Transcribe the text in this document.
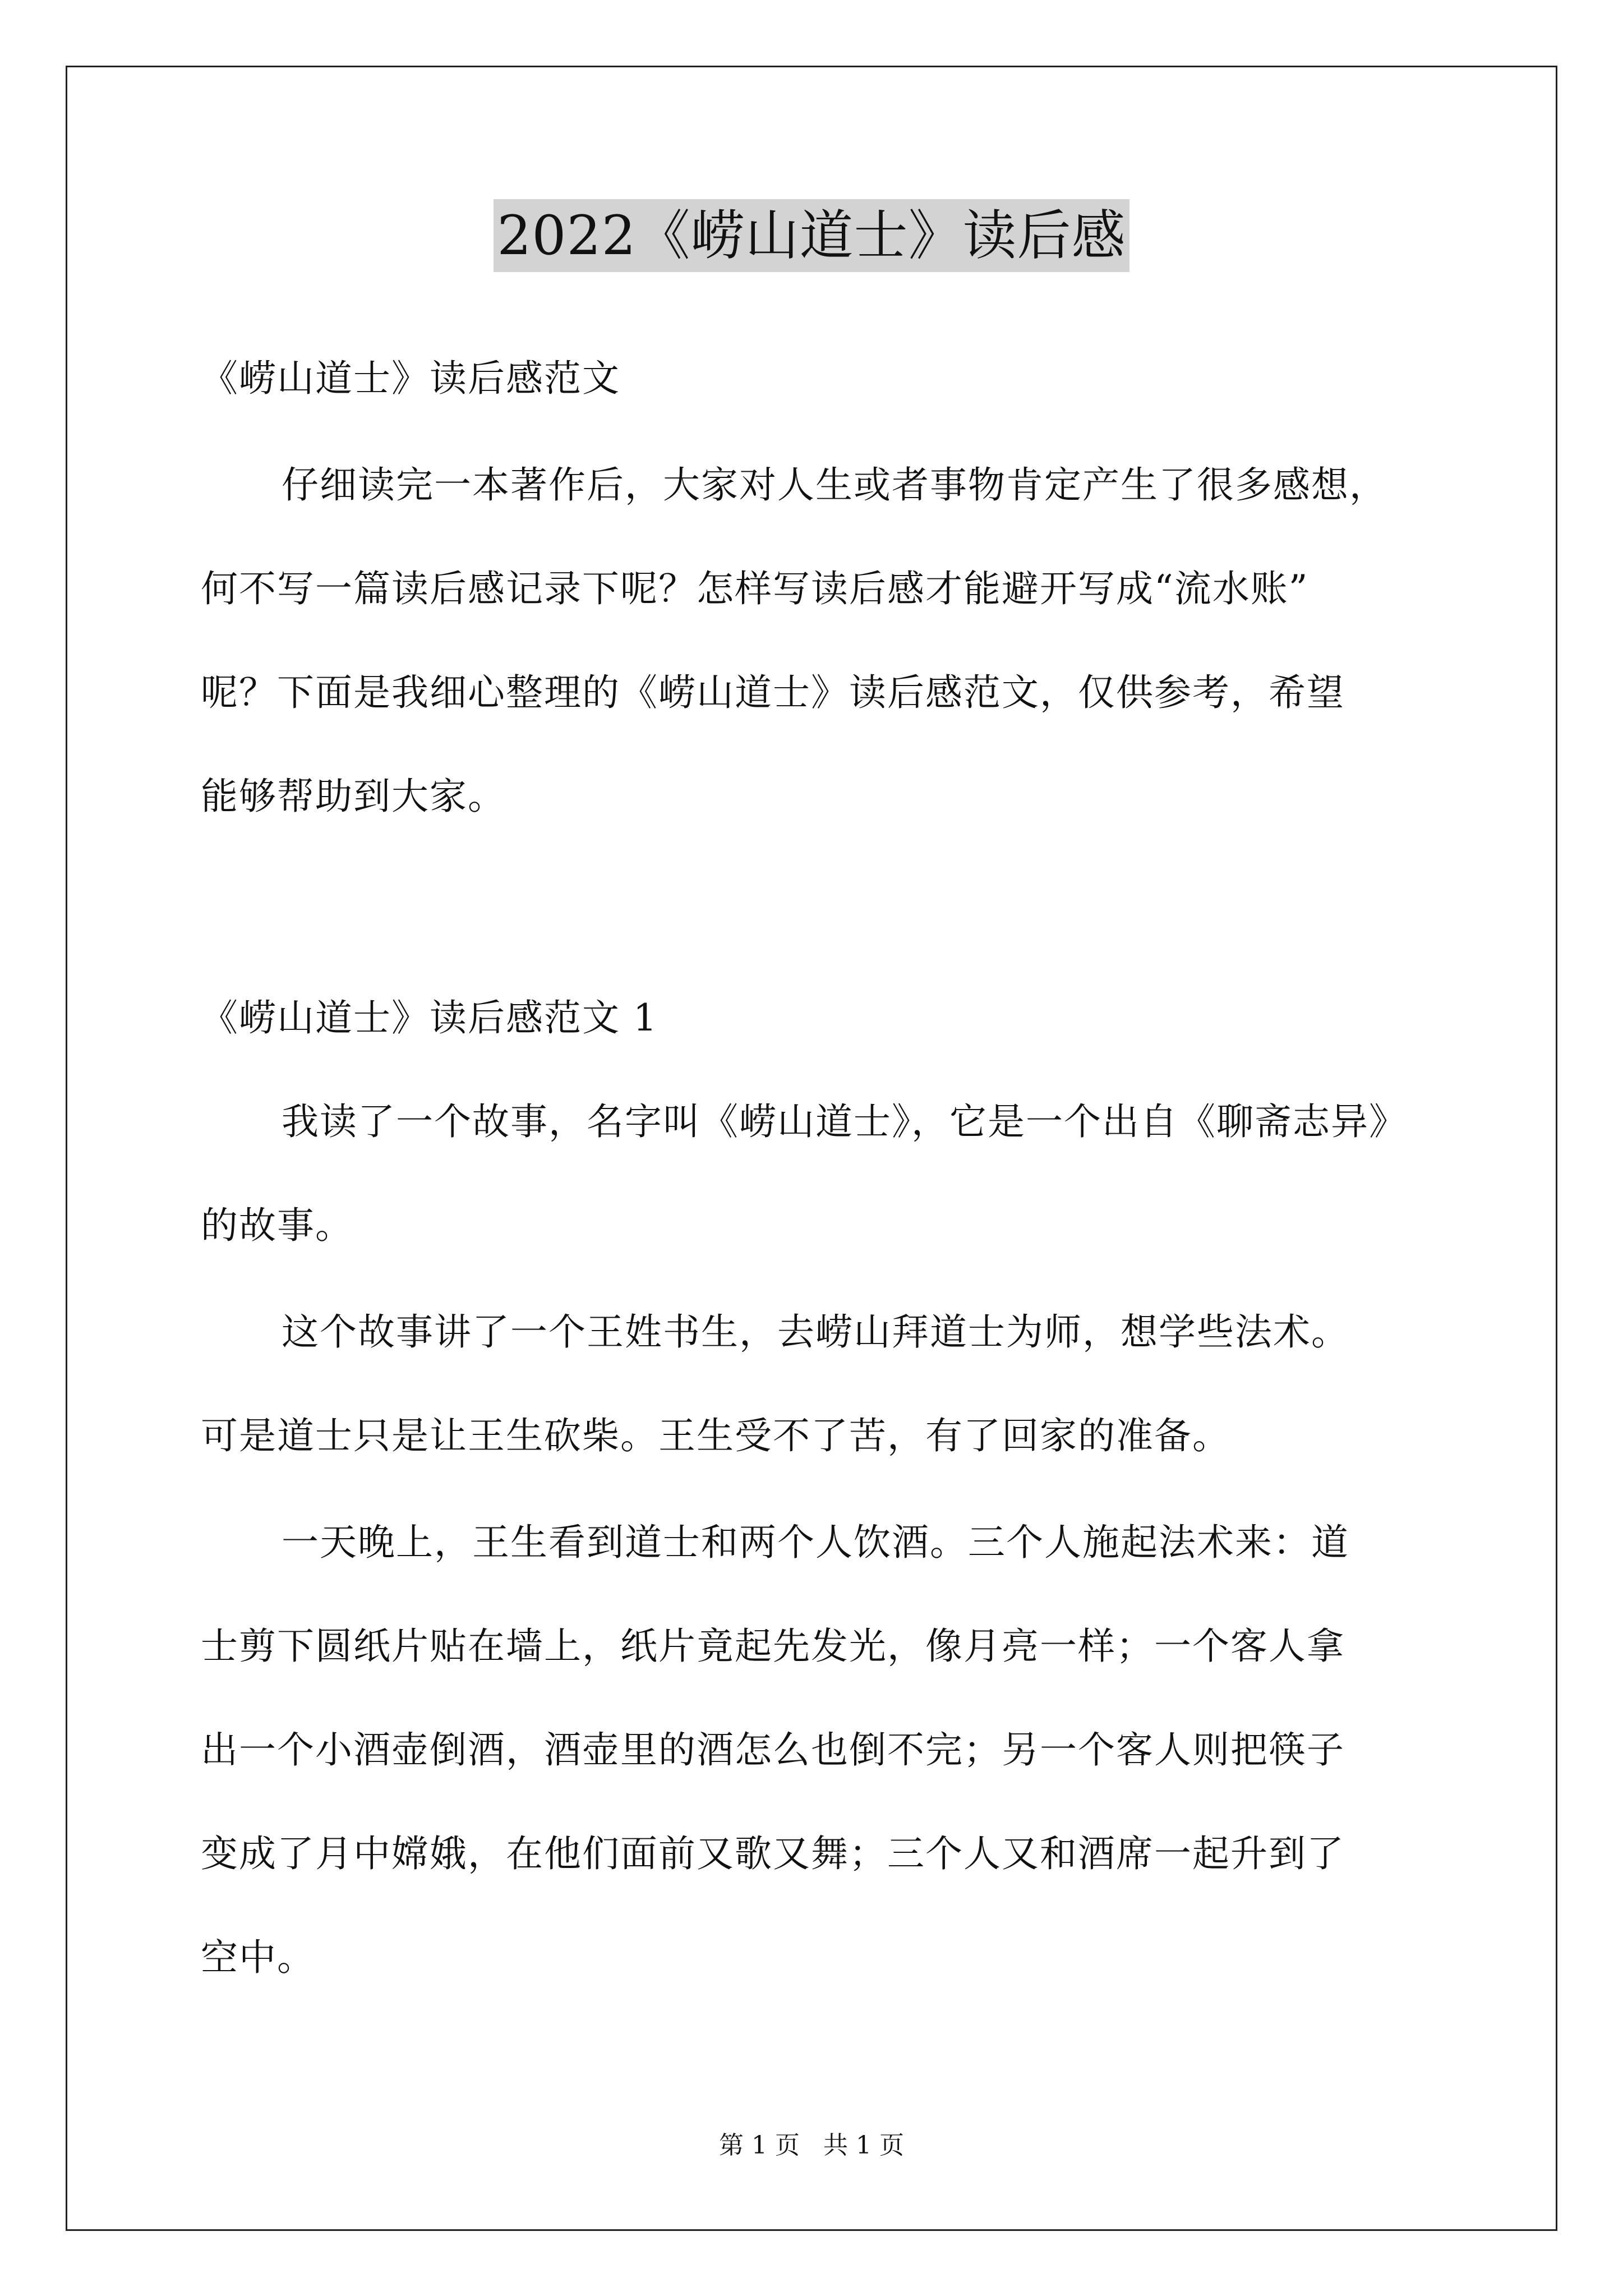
2022《崂山道士》读后感
《崂山道士》读后感范文
仔细读完一本著作后，大家对人生或者事物肯定产生了很多感想，
何不写一篇读后感记录下呢？怎样写读后感才能避开写成“流水账”
呢？下面是我细心整理的《崂山道士》读后感范文，仅供参考，希望
能够帮助到大家。
《崂山道士》读后感范文 1
我读了一个故事，名字叫《崂山道士》，它是一个出自《聊斋志异》
的故事。
这个故事讲了一个王姓书生，去崂山拜道士为师，想学些法术。
可是道士只是让王生砍柴。王生受不了苦，有了回家的准备。
一天晚上，王生看到道士和两个人饮酒。三个人施起法术来：道
士剪下圆纸片贴在墙上，纸片竟起先发光，像月亮一样；一个客人拿
出一个小酒壶倒酒，酒壶里的酒怎么也倒不完；另一个客人则把筷子
变成了月中嫦娥，在他们面前又歌又舞；三个人又和酒席一起升到了
空中。
第 1 页   共 1 页
